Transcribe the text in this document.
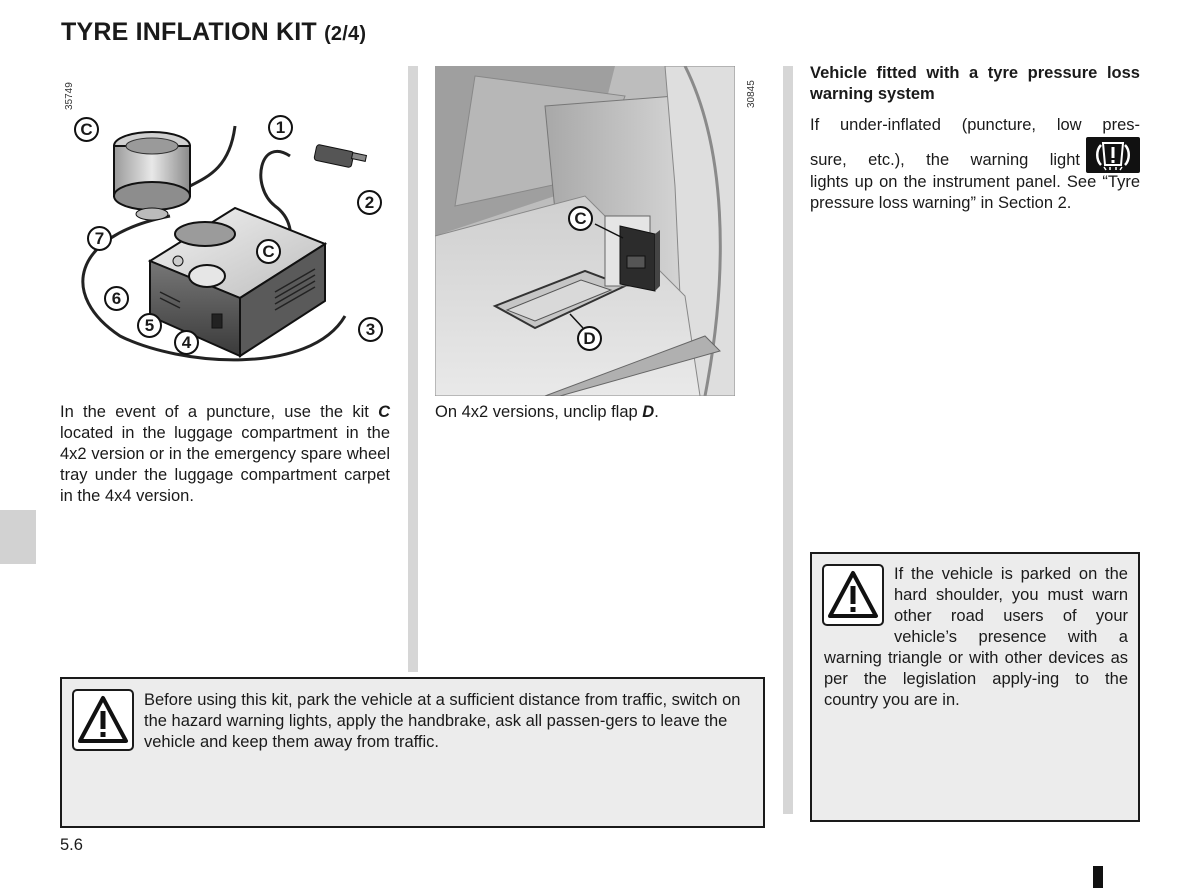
TYRE INFLATION KIT (2/4)
35749
C	1
2
7
C
6
5	3
4
C
D
30845
In the event of a puncture, use the kit C located in the luggage compartment in the 4x2 version or in the emergency spare wheel tray under the luggage compartment carpet in the 4x4 version.
On 4x2 versions, unclip flap D.
Vehicle fitted with a tyre pressure loss warning system
If under-inflated (puncture, low pres-
sure, etc.), the warning light
lights up on the instrument panel. See “Tyre pressure loss warning” in Section 2.
Before using this kit, park the vehicle at a sufficient distance from traffic, switch on the hazard warning lights, apply the handbrake, ask all passen-gers to leave the vehicle and keep them away from traffic.
If the vehicle is parked on the hard shoulder, you must warn other road users of your vehicle’s presence with a warning triangle or with other devices as per the legislation apply-ing to the country you are in.
5.6
